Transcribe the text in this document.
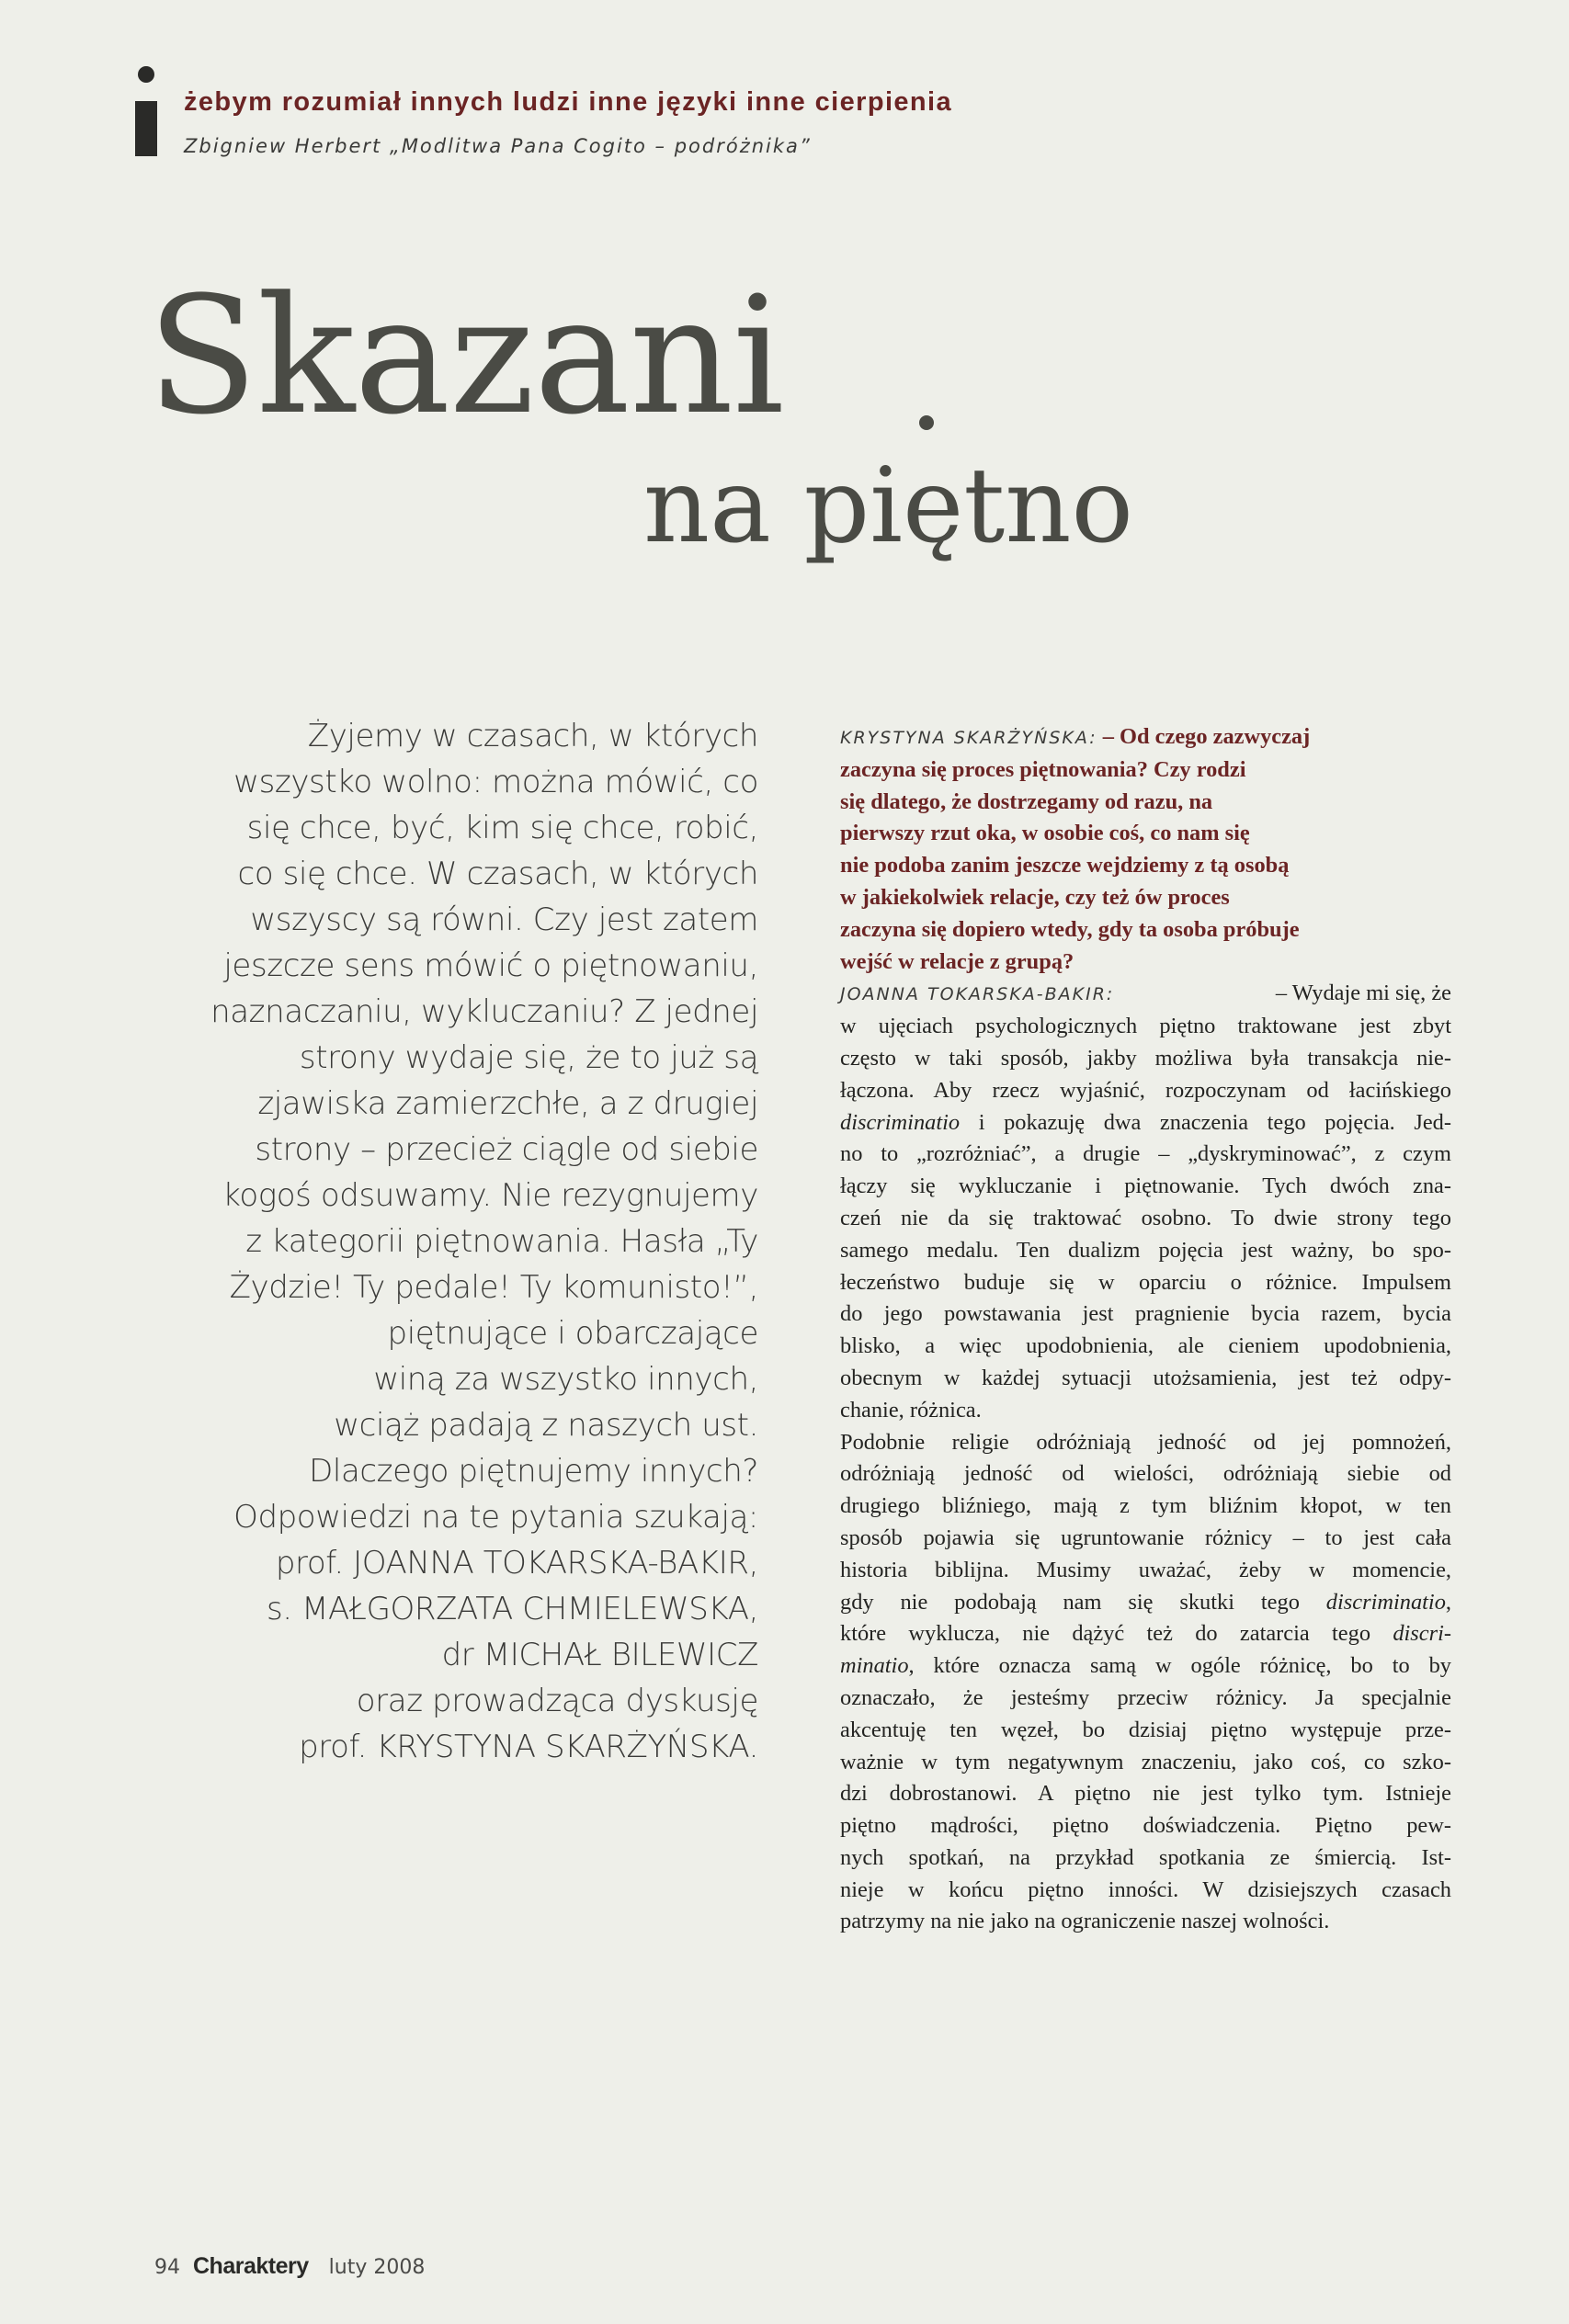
żebym rozumiał innych ludzi inne języki inne cierpienia
Zbigniew Herbert „Modlitwa Pana Cogito – podróżnika”
Skazani
na piętno
Żyjemy w czasach, w których
wszystko wolno: można mówić, co
się chce, być, kim się chce, robić,
co się chce. W czasach, w których
wszyscy są równi. Czy jest zatem
jeszcze sens mówić o piętnowaniu,
naznaczaniu, wykluczaniu? Z jednej
strony wydaje się, że to już są
zjawiska zamierzchłe, a z drugiej
strony – przecież ciągle od siebie
kogoś odsuwamy. Nie rezygnujemy
z kategorii piętnowania. Hasła „Ty
Żydzie! Ty pedale! Ty komunisto!”,
piętnujące i obarczające
winą za wszystko innych,
wciąż padają z naszych ust.
Dlaczego piętnujemy innych?
Odpowiedzi na te pytania szukają:
prof. JOANNA TOKARSKA-BAKIR,
s. MAŁGORZATA CHMIELEWSKA,
dr MICHAŁ BILEWICZ
oraz prowadząca dyskusję
prof. KRYSTYNA SKARŻYŃSKA.
KRYSTYNA SKARŻYŃSKA: – Od czego zazwyczaj
zaczyna się proces piętnowania? Czy rodzi
się dlatego, że dostrzegamy od razu, na
pierwszy rzut oka, w osobie coś, co nam się
nie podoba zanim jeszcze wejdziemy z tą osobą
w jakiekolwiek relacje, czy też ów proces
zaczyna się dopiero wtedy, gdy ta osoba próbuje
wejść w relacje z grupą?
JOANNA TOKARSKA-BAKIR:	– Wydaje mi się, że
w ujęciach psychologicznych piętno traktowane jest zbyt
często w taki sposób, jakby możliwa była transakcja nie-
łączona. Aby rzecz wyjaśnić, rozpoczynam od łacińskiego
discriminatio i pokazuję dwa znaczenia tego pojęcia. Jed-
no to „rozróżniać”, a drugie – „dyskryminować”, z czym
łączy się wykluczanie i piętnowanie. Tych dwóch zna-
czeń nie da się traktować osobno. To dwie strony tego
samego medalu. Ten dualizm pojęcia jest ważny, bo spo-
łeczeństwo buduje się w oparciu o różnice. Impulsem
do jego powstawania jest pragnienie bycia razem, bycia
blisko, a więc upodobnienia, ale cieniem upodobnienia,
obecnym w każdej sytuacji utożsamienia, jest też odpy-
chanie, różnica.
Podobnie religie odróżniają jedność od jej pomnożeń,
odróżniają jedność od wielości, odróżniają siebie od
drugiego bliźniego, mają z tym bliźnim kłopot, w ten
sposób pojawia się ugruntowanie różnicy – to jest cała
historia biblijna. Musimy uważać, żeby w momencie,
gdy nie podobają nam się skutki tego discriminatio,
które wyklucza, nie dążyć też do zatarcia tego discri-
minatio, które oznacza samą w ogóle różnicę, bo to by
oznaczało, że jesteśmy przeciw różnicy. Ja specjalnie
akcentuję ten węzeł, bo dzisiaj piętno występuje prze-
ważnie w tym negatywnym znaczeniu, jako coś, co szko-
dzi dobrostanowi. A piętno nie jest tylko tym. Istnieje
piętno mądrości, piętno doświadczenia. Piętno pew-
nych spotkań, na przykład spotkania ze śmiercią. Ist-
nieje w końcu piętno inności. W dzisiejszych czasach
patrzymy na nie jako na ograniczenie naszej wolności.
94 Charaktery luty 2008
